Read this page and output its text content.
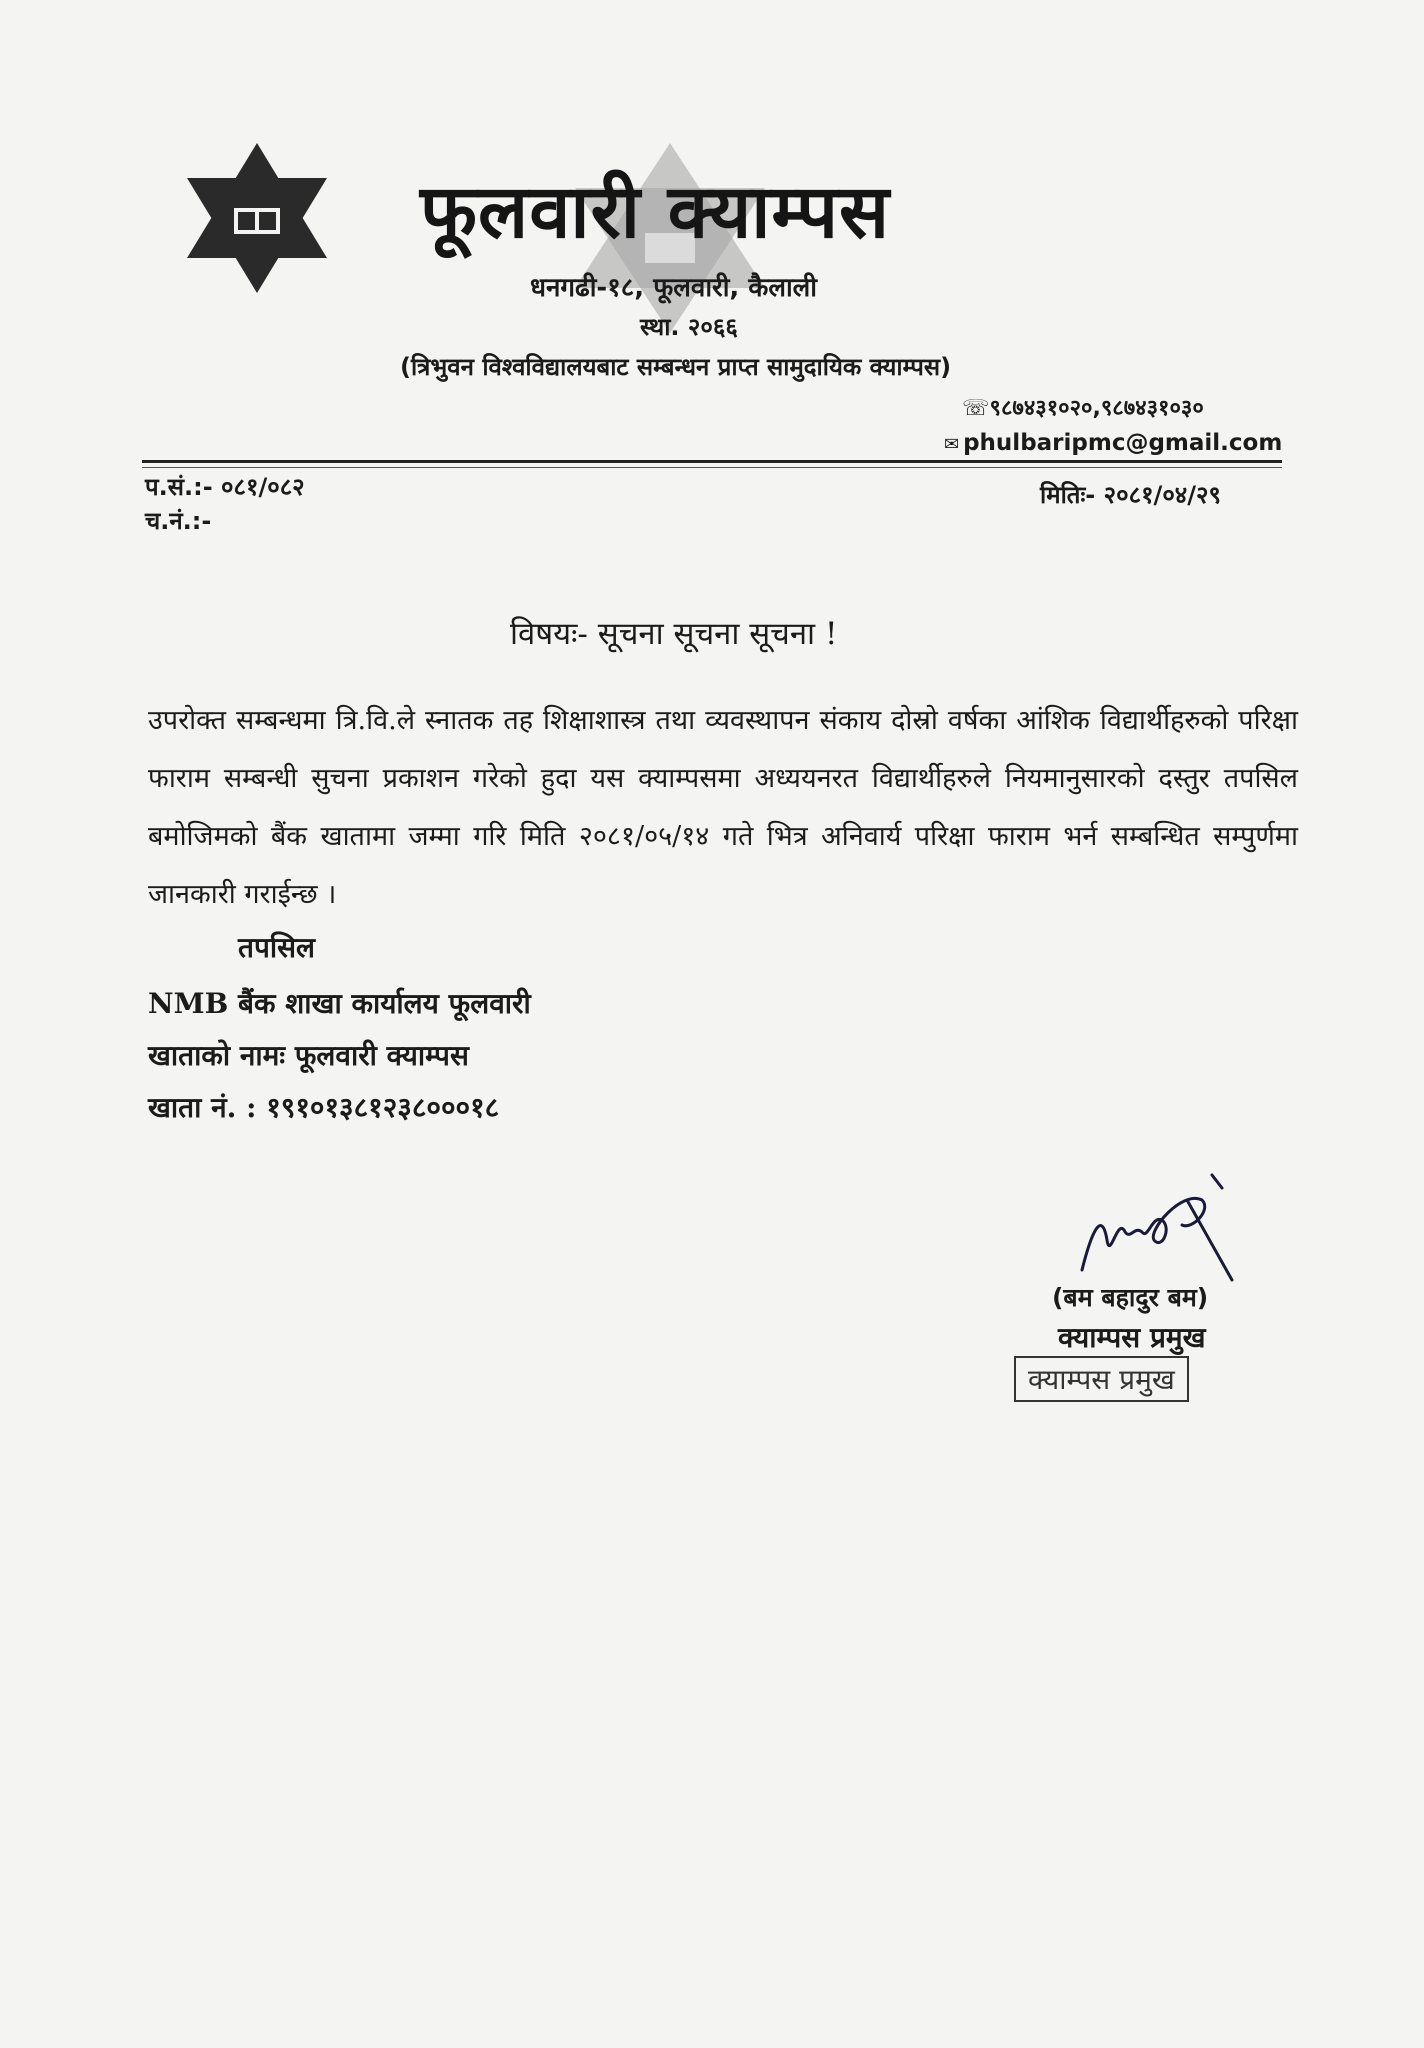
फूलवारी क्याम्पस
धनगढी-१८, फूलवारी, कैलाली
स्था. २०६६
(त्रिभुवन विश्वविद्यालयबाट सम्बन्धन प्राप्त सामुदायिक क्याम्पस)
☏९८७४३१०२०,९८७४३१०३०
✉ phulbaripmc@gmail.com
प.सं.:- ०८१/०८२
च.नं.:-
मितिः- २०८१/०४/२९
विषयः- सूचना सूचना सूचना !
उपरोक्त सम्बन्धमा त्रि.वि.ले स्नातक तह शिक्षाशास्त्र तथा व्यवस्थापन संकाय दोस्रो वर्षका आंशिक विद्यार्थीहरुको परिक्षा फाराम सम्बन्धी सुचना प्रकाशन गरेको हुदा यस क्याम्पसमा अध्ययनरत विद्यार्थीहरुले नियमानुसारको दस्तुर तपसिल बमोजिमको बैंक खातामा जम्मा गरि मिति २०८१/०५/१४ गते भित्र अनिवार्य परिक्षा फाराम भर्न सम्बन्धित सम्पुर्णमा जानकारी गराईन्छ ।
तपसिल
NMB बैंक शाखा कार्यालय फूलवारी
खाताको नामः फूलवारी क्याम्पस
खाता नं. : १९१०१३८१२३८०००१८
(बम बहादुर बम)
क्याम्पस प्रमुख
क्याम्पस प्रमुख
